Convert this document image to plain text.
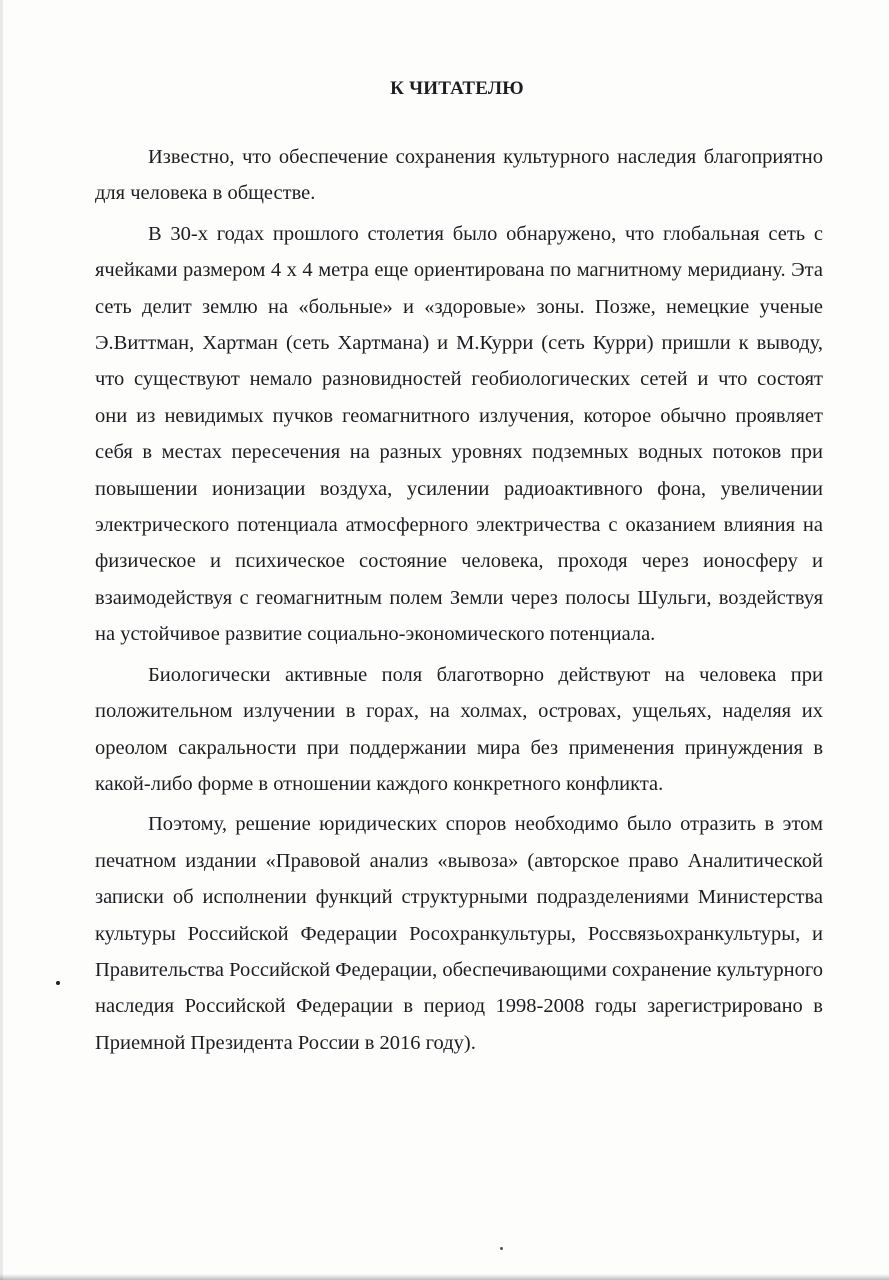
К ЧИТАТЕЛЮ

Известно, что обеспечение сохранения культурного наследия благоприятно для человека в обществе.

В 30-х годах прошлого столетия было обнаружено, что глобальная сеть с ячейками размером 4 х 4 метра еще ориентирована по магнитному меридиану. Эта сеть делит землю на «больные» и «здоровые» зоны. Позже, немецкие ученые Э.Виттман, Хартман (сеть Хартмана) и М.Курри (сеть Курри) пришли к выводу, что существуют немало разновидностей геобиологических сетей и что состоят они из невидимых пучков геомагнитного излучения, которое обычно проявляет себя в местах пересечения на разных уровнях подземных водных потоков при повышении ионизации воздуха, усилении радиоактивного фона, увеличении электрического потенциала атмосферного электричества с оказанием влияния на физическое и психическое состояние человека, проходя через ионосферу и взаимодействуя с геомагнитным полем Земли через полосы Шульги, воздействуя на устойчивое развитие социально-экономического потенциала.

Биологически активные поля благотворно действуют на человека при положительном излучении в горах, на холмах, островах, ущельях, наделяя их ореолом сакральности при поддержании мира без применения принуждения в какой-либо форме в отношении каждого конкретного конфликта.

Поэтому, решение юридических споров необходимо было отразить в этом печатном издании «Правовой анализ «вывоза» (авторское право Аналитической записки об исполнении функций структурными подразделениями Министерства культуры Российской Федерации Росохранкультуры, Россвязьохранкультуры, и Правительства Российской Федерации, обеспечивающими сохранение культурного наследия Российской Федерации в период 1998-2008 годы зарегистрировано в Приемной Президента России в 2016 году).
